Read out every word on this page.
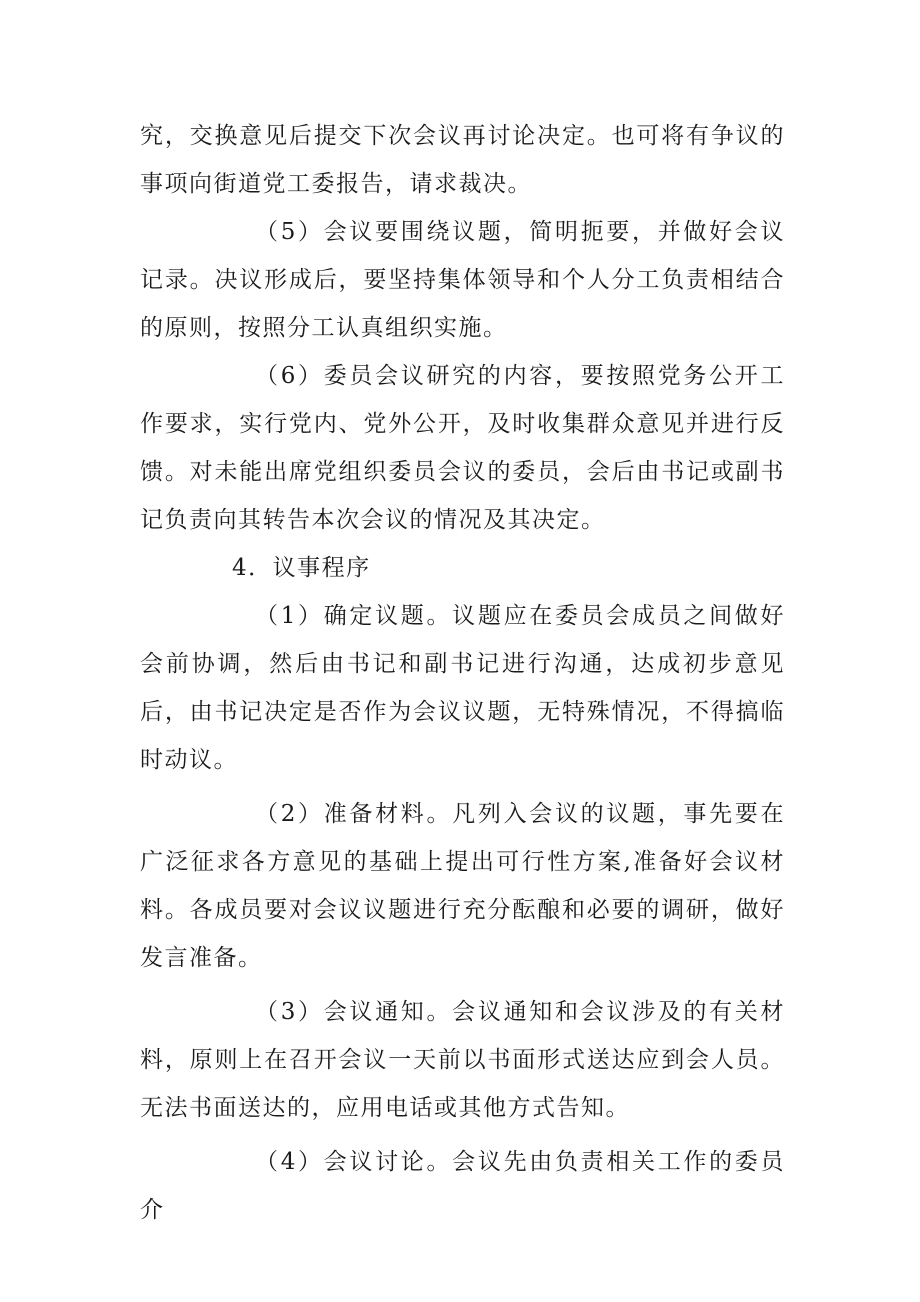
究，交换意见后提交下次会议再讨论决定。也可将有争议的事项向街道党工委报告，请求裁决。

（5）会议要围绕议题，简明扼要，并做好会议记录。决议形成后，要坚持集体领导和个人分工负责相结合的原则，按照分工认真组织实施。

（6）委员会议研究的内容，要按照党务公开工作要求，实行党内、党外公开，及时收集群众意见并进行反馈。对未能出席党组织委员会议的委员，会后由书记或副书记负责向其转告本次会议的情况及其决定。

4．议事程序

（1）确定议题。议题应在委员会成员之间做好会前协调，然后由书记和副书记进行沟通，达成初步意见后，由书记决定是否作为会议议题，无特殊情况，不得搞临时动议。

（2）准备材料。凡列入会议的议题，事先要在广泛征求各方意见的基础上提出可行性方案,准备好会议材料。各成员要对会议议题进行充分酝酿和必要的调研，做好发言准备。

（3）会议通知。会议通知和会议涉及的有关材料，原则上在召开会议一天前以书面形式送达应到会人员。无法书面送达的，应用电话或其他方式告知。

（4）会议讨论。会议先由负责相关工作的委员介
